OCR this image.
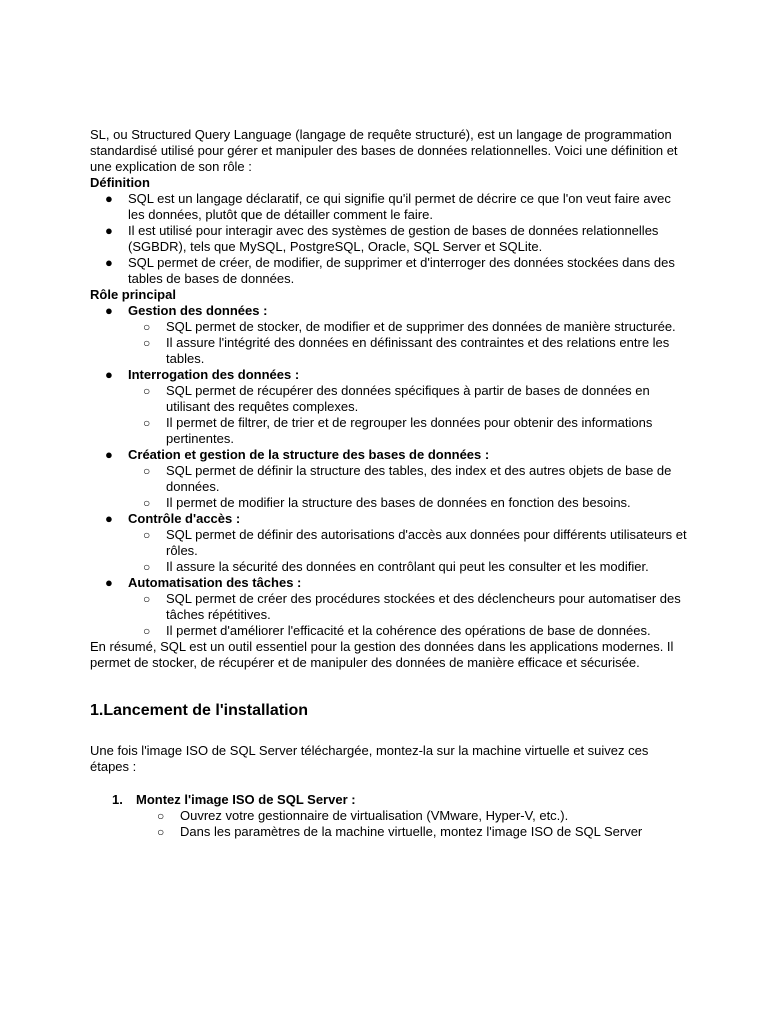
SL, ou Structured Query Language (langage de requête structuré), est un langage de programmation standardisé utilisé pour gérer et manipuler des bases de données relationnelles. Voici une définition et une explication de son rôle :

Définition

● SQL est un langage déclaratif, ce qui signifie qu'il permet de décrire ce que l'on veut faire avec les données, plutôt que de détailler comment le faire.
● Il est utilisé pour interagir avec des systèmes de gestion de bases de données relationnelles (SGBDR), tels que MySQL, PostgreSQL, Oracle, SQL Server et SQLite.
● SQL permet de créer, de modifier, de supprimer et d'interroger des données stockées dans des tables de bases de données.

Rôle principal

● Gestion des données :
○ SQL permet de stocker, de modifier et de supprimer des données de manière structurée.
○ Il assure l'intégrité des données en définissant des contraintes et des relations entre les tables.
● Interrogation des données :
○ SQL permet de récupérer des données spécifiques à partir de bases de données en utilisant des requêtes complexes.
○ Il permet de filtrer, de trier et de regrouper les données pour obtenir des informations pertinentes.
● Création et gestion de la structure des bases de données :
○ SQL permet de définir la structure des tables, des index et des autres objets de base de données.
○ Il permet de modifier la structure des bases de données en fonction des besoins.
● Contrôle d'accès :
○ SQL permet de définir des autorisations d'accès aux données pour différents utilisateurs et rôles.
○ Il assure la sécurité des données en contrôlant qui peut les consulter et les modifier.
● Automatisation des tâches :
○ SQL permet de créer des procédures stockées et des déclencheurs pour automatiser des tâches répétitives.
○ Il permet d'améliorer l'efficacité et la cohérence des opérations de base de données.

En résumé, SQL est un outil essentiel pour la gestion des données dans les applications modernes. Il permet de stocker, de récupérer et de manipuler des données de manière efficace et sécurisée.

1.Lancement de l'installation

Une fois l'image ISO de SQL Server téléchargée, montez-la sur la machine virtuelle et suivez ces étapes :

1. Montez l'image ISO de SQL Server :
○ Ouvrez votre gestionnaire de virtualisation (VMware, Hyper-V, etc.).
○ Dans les paramètres de la machine virtuelle, montez l'image ISO de SQL Server
